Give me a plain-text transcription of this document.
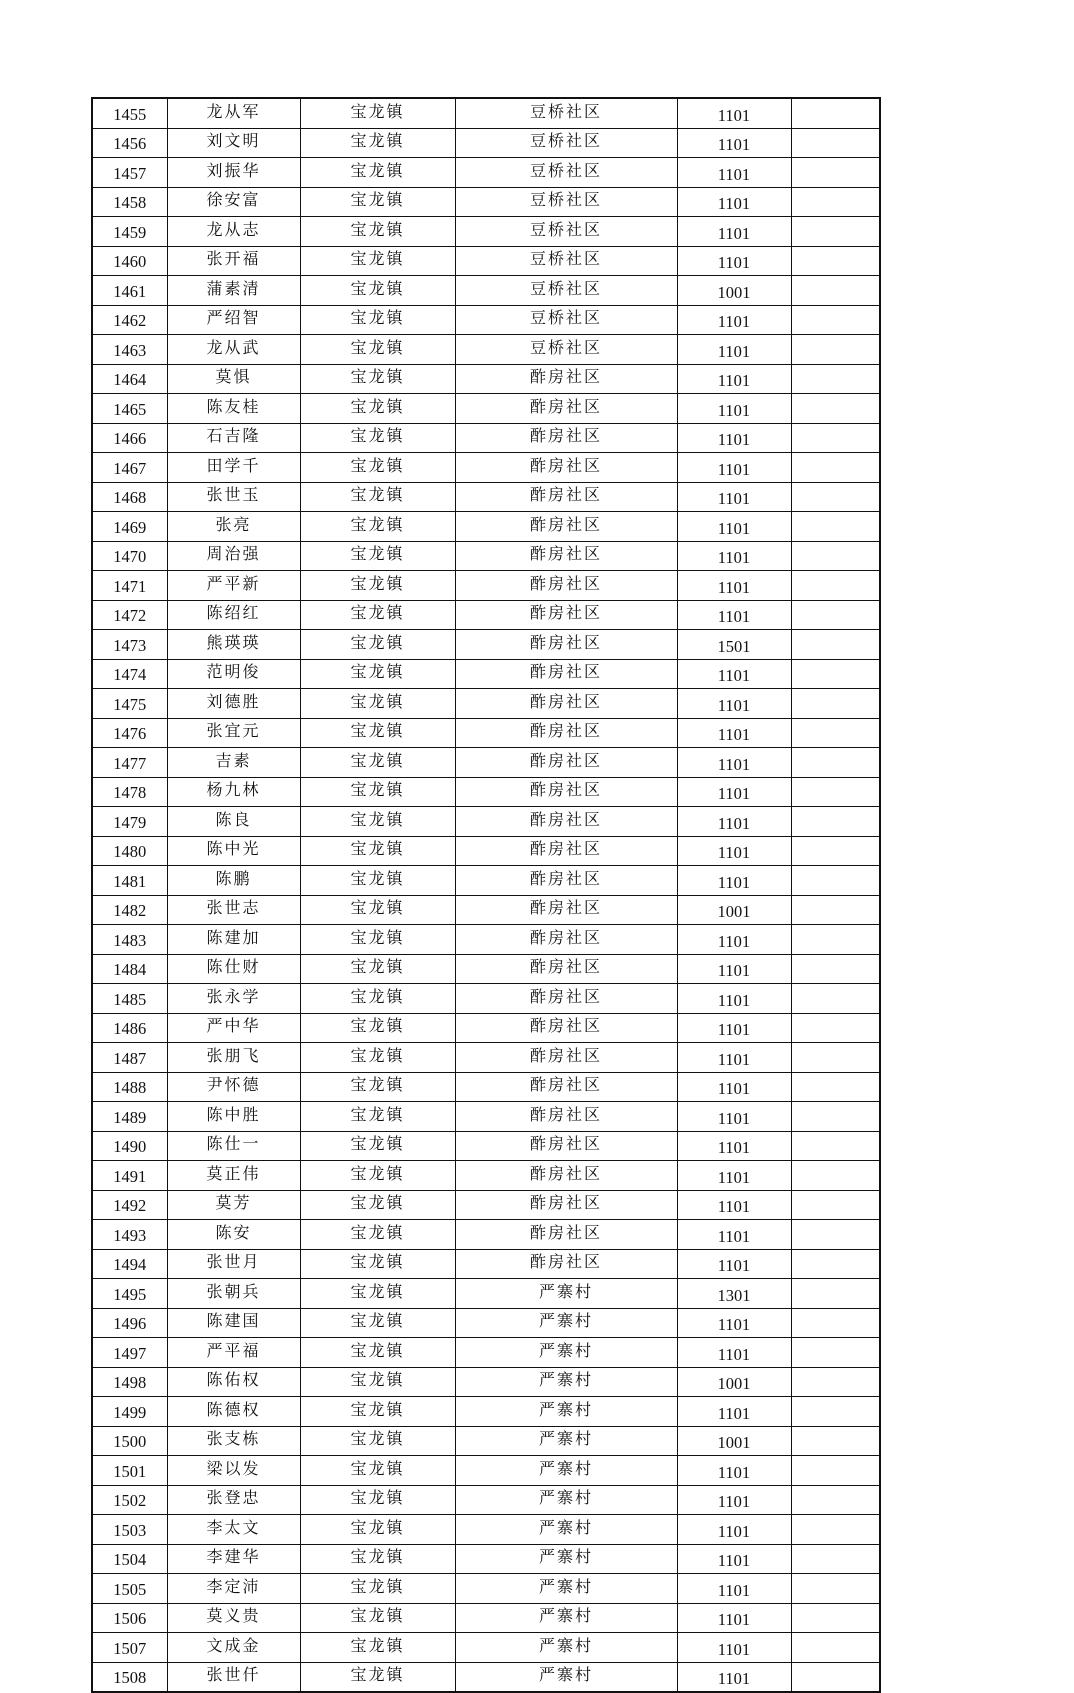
1455	龙从军	宝龙镇	豆桥社区	1101	
1456	刘文明	宝龙镇	豆桥社区	1101	
1457	刘振华	宝龙镇	豆桥社区	1101	
1458	徐安富	宝龙镇	豆桥社区	1101	
1459	龙从志	宝龙镇	豆桥社区	1101	
1460	张开福	宝龙镇	豆桥社区	1101	
1461	蒲素清	宝龙镇	豆桥社区	1001	
1462	严绍智	宝龙镇	豆桥社区	1101	
1463	龙从武	宝龙镇	豆桥社区	1101	
1464	莫惧	宝龙镇	酢房社区	1101	
1465	陈友桂	宝龙镇	酢房社区	1101	
1466	石吉隆	宝龙镇	酢房社区	1101	
1467	田学千	宝龙镇	酢房社区	1101	
1468	张世玉	宝龙镇	酢房社区	1101	
1469	张亮	宝龙镇	酢房社区	1101	
1470	周治强	宝龙镇	酢房社区	1101	
1471	严平新	宝龙镇	酢房社区	1101	
1472	陈绍红	宝龙镇	酢房社区	1101	
1473	熊瑛瑛	宝龙镇	酢房社区	1501	
1474	范明俊	宝龙镇	酢房社区	1101	
1475	刘德胜	宝龙镇	酢房社区	1101	
1476	张宜元	宝龙镇	酢房社区	1101	
1477	吉素	宝龙镇	酢房社区	1101	
1478	杨九林	宝龙镇	酢房社区	1101	
1479	陈良	宝龙镇	酢房社区	1101	
1480	陈中光	宝龙镇	酢房社区	1101	
1481	陈鹏	宝龙镇	酢房社区	1101	
1482	张世志	宝龙镇	酢房社区	1001	
1483	陈建加	宝龙镇	酢房社区	1101	
1484	陈仕财	宝龙镇	酢房社区	1101	
1485	张永学	宝龙镇	酢房社区	1101	
1486	严中华	宝龙镇	酢房社区	1101	
1487	张朋飞	宝龙镇	酢房社区	1101	
1488	尹怀德	宝龙镇	酢房社区	1101	
1489	陈中胜	宝龙镇	酢房社区	1101	
1490	陈仕一	宝龙镇	酢房社区	1101	
1491	莫正伟	宝龙镇	酢房社区	1101	
1492	莫芳	宝龙镇	酢房社区	1101	
1493	陈安	宝龙镇	酢房社区	1101	
1494	张世月	宝龙镇	酢房社区	1101	
1495	张朝兵	宝龙镇	严寨村	1301	
1496	陈建国	宝龙镇	严寨村	1101	
1497	严平福	宝龙镇	严寨村	1101	
1498	陈佑权	宝龙镇	严寨村	1001	
1499	陈德权	宝龙镇	严寨村	1101	
1500	张支栋	宝龙镇	严寨村	1001	
1501	梁以发	宝龙镇	严寨村	1101	
1502	张登忠	宝龙镇	严寨村	1101	
1503	李太文	宝龙镇	严寨村	1101	
1504	李建华	宝龙镇	严寨村	1101	
1505	李定沛	宝龙镇	严寨村	1101	
1506	莫义贵	宝龙镇	严寨村	1101	
1507	文成金	宝龙镇	严寨村	1101	
1508	张世仟	宝龙镇	严寨村	1101	
